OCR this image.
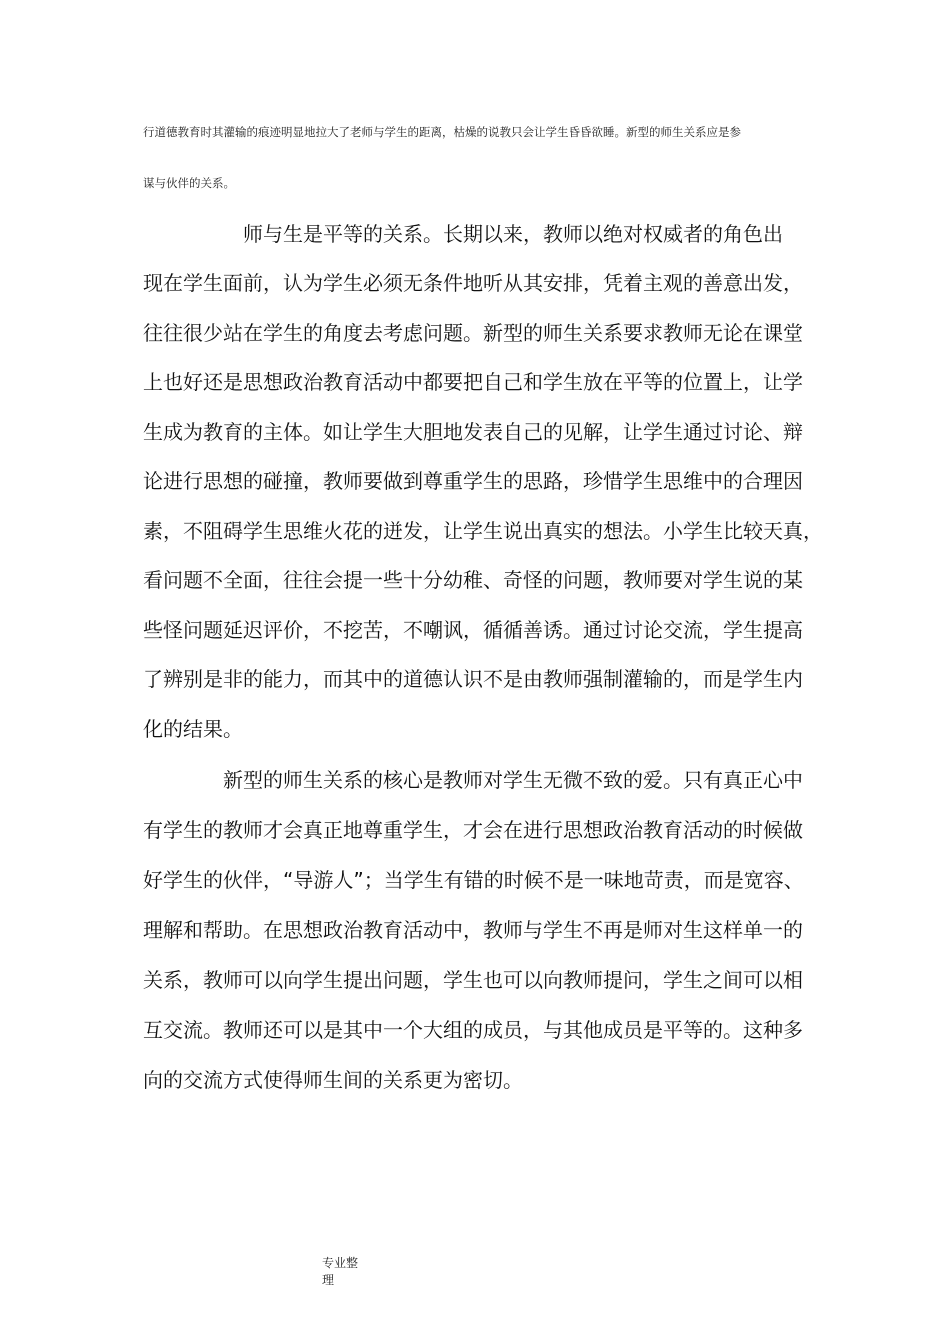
行道德教育时其灌输的痕迹明显地拉大了老师与学生的距离，枯燥的说教只会让学生昏昏欲睡。新型的师生关系应是参
谋与伙伴的关系。
师与生是平等的关系。长期以来，教师以绝对权威者的角色出
现在学生面前，认为学生必须无条件地听从其安排，凭着主观的善意出发，
往往很少站在学生的角度去考虑问题。新型的师生关系要求教师无论在课堂
上也好还是思想政治教育活动中都要把自己和学生放在平等的位置上，让学
生成为教育的主体。如让学生大胆地发表自己的见解，让学生通过讨论、辩
论进行思想的碰撞，教师要做到尊重学生的思路，珍惜学生思维中的合理因
素，不阻碍学生思维火花的迸发，让学生说出真实的想法。小学生比较天真，
看问题不全面，往往会提一些十分幼稚、奇怪的问题，教师要对学生说的某
些怪问题延迟评价，不挖苦，不嘲讽，循循善诱。通过讨论交流，学生提高
了辨别是非的能力，而其中的道德认识不是由教师强制灌输的，而是学生内
化的结果。
新型的师生关系的核心是教师对学生无微不致的爱。只有真正心中
有学生的教师才会真正地尊重学生，才会在进行思想政治教育活动的时候做
好学生的伙伴，“导游人”；当学生有错的时候不是一味地苛责，而是宽容、
理解和帮助。在思想政治教育活动中，教师与学生不再是师对生这样单一的
关系，教师可以向学生提出问题，学生也可以向教师提问，学生之间可以相
互交流。教师还可以是其中一个大组的成员，与其他成员是平等的。这种多
向的交流方式使得师生间的关系更为密切。
专业整
理
